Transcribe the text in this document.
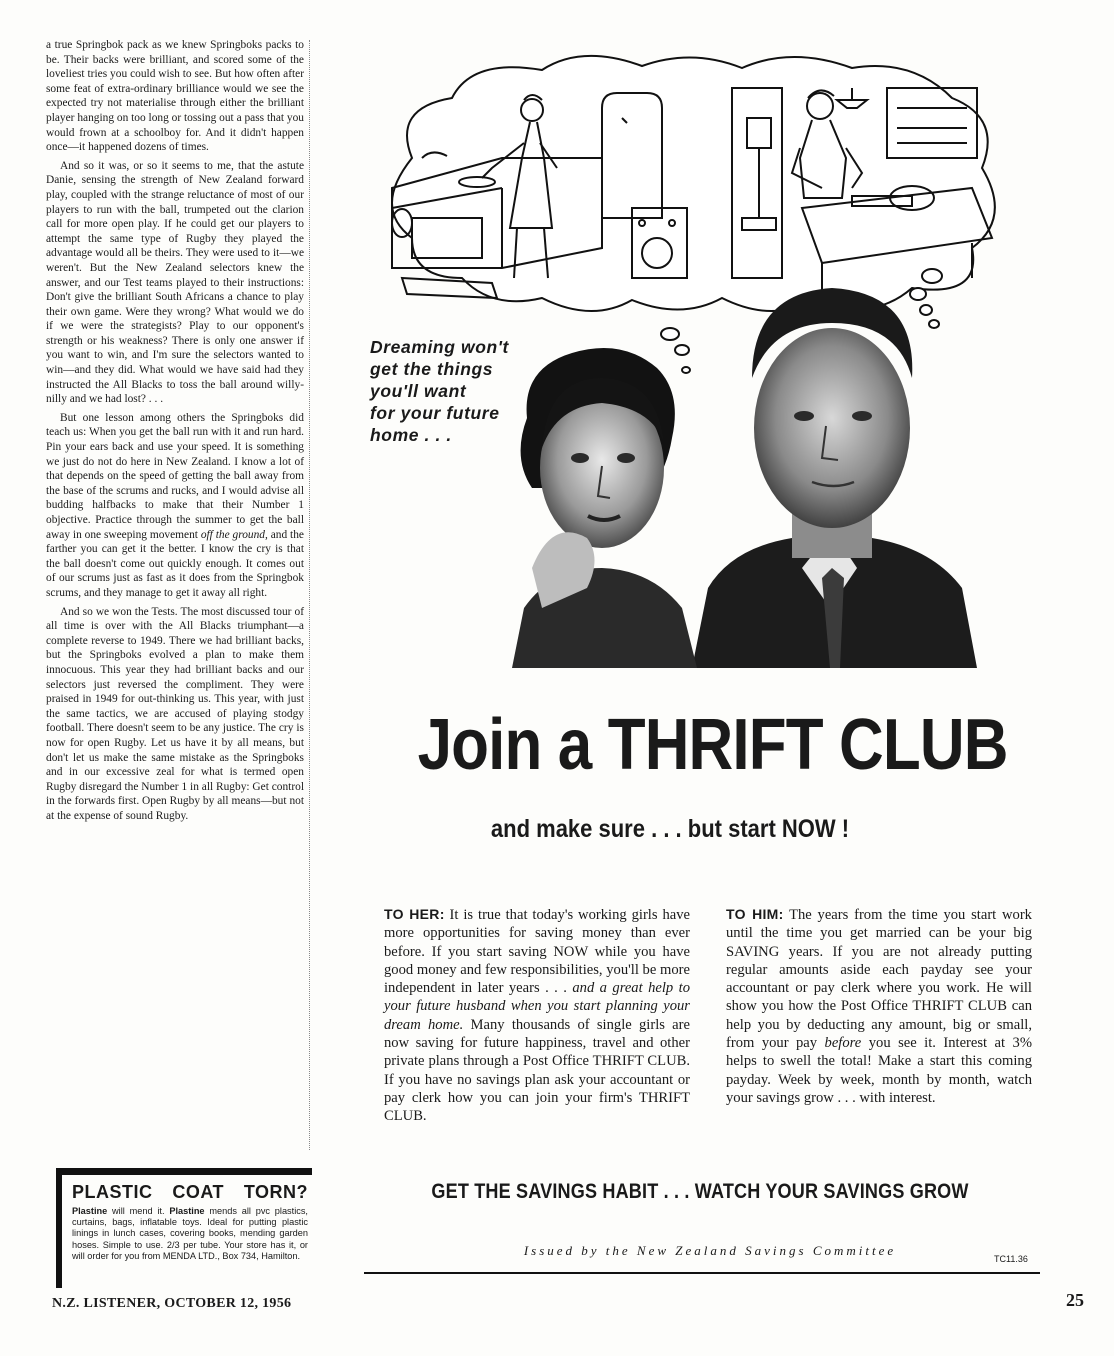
a true Springbok pack as we knew Springboks packs to be. Their backs were brilliant, and scored some of the loveliest tries you could wish to see. But how often after some feat of extra-ordinary brilliance would we see the expected try not materialise through either the brilliant player hanging on too long or tossing out a pass that you would frown at a schoolboy for. And it didn't happen once—it happened dozens of times.

And so it was, or so it seems to me, that the astute Danie, sensing the strength of New Zealand forward play, coupled with the strange reluctance of most of our players to run with the ball, trumpeted out the clarion call for more open play. If he could get our players to attempt the same type of Rugby they played the advantage would all be theirs. They were used to it—we weren't. But the New Zealand selectors knew the answer, and our Test teams played to their instructions: Don't give the brilliant South Africans a chance to play their own game. Were they wrong? What would we do if we were the strategists? Play to our opponent's strength or his weakness? There is only one answer if you want to win, and I'm sure the selectors wanted to win—and they did. What would we have said had they instructed the All Blacks to toss the ball around willy-nilly and we had lost? . . .

But one lesson among others the Springboks did teach us: When you get the ball run with it and run hard. Pin your ears back and use your speed. It is something we just do not do here in New Zealand. I know a lot of that depends on the speed of getting the ball away from the base of the scrums and rucks, and I would advise all budding halfbacks to make that their Number 1 objective. Practice through the summer to get the ball away in one sweeping movement off the ground, and the farther you can get it the better. I know the cry is that the ball doesn't come out quickly enough. It comes out of our scrums just as fast as it does from the Springbok scrums, and they manage to get it away all right.

And so we won the Tests. The most discussed tour of all time is over with the All Blacks triumphant—a complete reverse to 1949. There we had brilliant backs, but the Springboks evolved a plan to make them innocuous. This year they had brilliant backs and our selectors just reversed the compliment. They were praised in 1949 for out-thinking us. This year, with just the same tactics, we are accused of playing stodgy football. There doesn't seem to be any justice. The cry is now for open Rugby. Let us have it by all means, but don't let us make the same mistake as the Springboks and in our excessive zeal for what is termed open Rugby disregard the Number 1 in all Rugby: Get control in the forwards first. Open Rugby by all means—but not at the expense of sound Rugby.

PLASTIC COAT TORN?
Plastine will mend it. Plastine mends all pvc plastics, curtains, bags, inflatable toys. Ideal for putting plastic linings in lunch cases, covering books, mending garden hoses. Simple to use. 2/3 per tube. Your store has it, or will order for you from MENDA LTD., Box 734, Hamilton.
N.Z. LISTENER, OCTOBER 12, 1956	25
Dreaming won't
get the things
you'll want
for your future
home . . .
Join a THRIFT CLUB
and make sure . . . but start NOW !
TO HER: It is true that today's working girls have more opportunities for saving money than ever before. If you start saving NOW while you have good money and few responsibilities, you'll be more independent in later years . . . and a great help to your future husband when you start planning your dream home. Many thousands of single girls are now saving for future happiness, travel and other private plans through a Post Office THRIFT CLUB. If you have no savings plan ask your accountant or pay clerk how you can join your firm's THRIFT CLUB.
TO HIM: The years from the time you start work until the time you get married can be your big SAVING years. If you are not already putting regular amounts aside each payday see your accountant or pay clerk where you work. He will show you how the Post Office THRIFT CLUB can help you by deducting any amount, big or small, from your pay before you see it. Interest at 3% helps to swell the total! Make a start this coming payday. Week by week, month by month, watch your savings grow . . . with interest.
GET THE SAVINGS HABIT . . . WATCH YOUR SAVINGS GROW
Issued by the New Zealand Savings Committee
TC11.36
